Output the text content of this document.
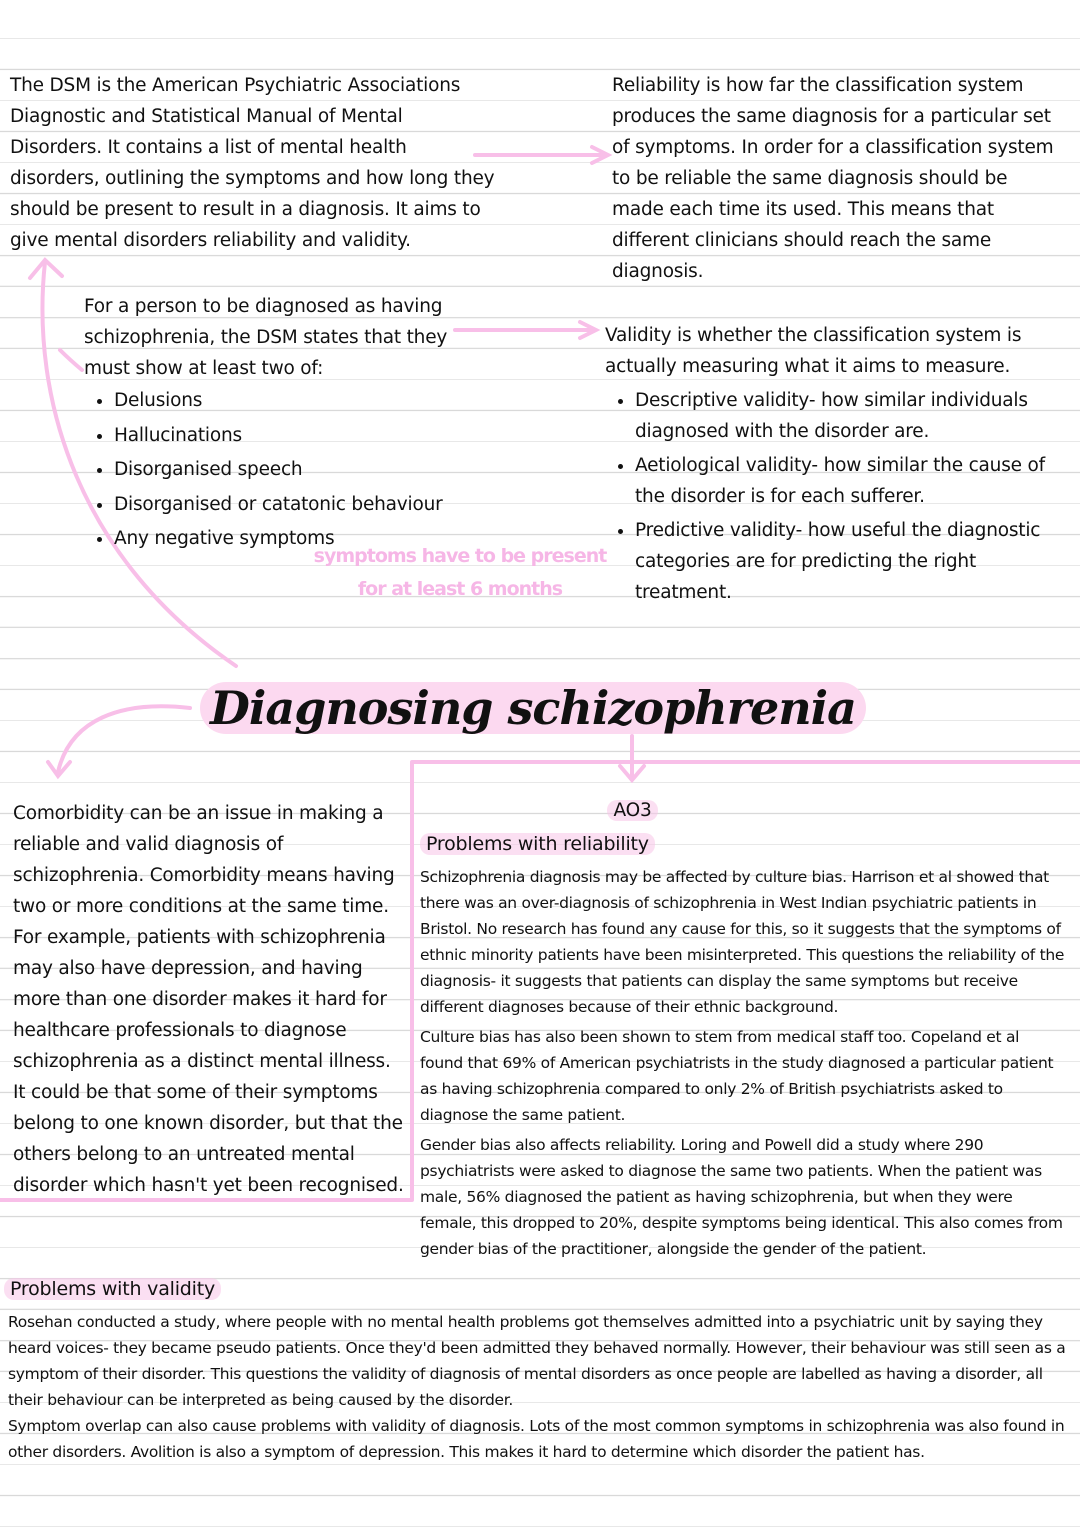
The DSM is the American Psychiatric Associations Diagnostic and Statistical Manual of Mental Disorders. It contains a list of mental health disorders, outlining the symptoms and how long they should be present to result in a diagnosis. It aims to give mental disorders reliability and validity.
Reliability is how far the classification system produces the same diagnosis for a particular set of symptoms. In order for a classification system to be reliable the same diagnosis should be made each time its used. This means that different clinicians should reach the same diagnosis.
For a person to be diagnosed as having schizophrenia, the DSM states that they must show at least two of:
• Delusions
• Hallucinations
• Disorganised speech
• Disorganised or catatonic behaviour
• Any negative symptoms
symptoms have to be present for at least 6 months
Validity is whether the classification system is actually measuring what it aims to measure.
• Descriptive validity- how similar individuals diagnosed with the disorder are.
• Aetiological validity- how similar the cause of the disorder is for each sufferer.
• Predictive validity- how useful the diagnostic categories are for predicting the right treatment.
Diagnosing schizophrenia
Comorbidity can be an issue in making a reliable and valid diagnosis of schizophrenia. Comorbidity means having two or more conditions at the same time. For example, patients with schizophrenia may also have depression, and having more than one disorder makes it hard for healthcare professionals to diagnose schizophrenia as a distinct mental illness. It could be that some of their symptoms belong to one known disorder, but that the others belong to an untreated mental disorder which hasn't yet been recognised.
AO3
Problems with reliability
Schizophrenia diagnosis may be affected by culture bias. Harrison et al showed that there was an over-diagnosis of schizophrenia in West Indian psychiatric patients in Bristol. No research has found any cause for this, so it suggests that the symptoms of ethnic minority patients have been misinterpreted. This questions the reliability of the diagnosis- it suggests that patients can display the same symptoms but receive different diagnoses because of their ethnic background.
Culture bias has also been shown to stem from medical staff too. Copeland et al found that 69% of American psychiatrists in the study diagnosed a particular patient as having schizophrenia compared to only 2% of British psychiatrists asked to diagnose the same patient.
Gender bias also affects reliability. Loring and Powell did a study where 290 psychiatrists were asked to diagnose the same two patients. When the patient was male, 56% diagnosed the patient as having schizophrenia, but when they were female, this dropped to 20%, despite symptoms being identical. This also comes from gender bias of the practitioner, alongside the gender of the patient.
Problems with validity
Rosehan conducted a study, where people with no mental health problems got themselves admitted into a psychiatric unit by saying they heard voices- they became pseudo patients. Once they'd been admitted they behaved normally. However, their behaviour was still seen as a symptom of their disorder. This questions the validity of diagnosis of mental disorders as once people are labelled as having a disorder, all their behaviour can be interpreted as being caused by the disorder.
Symptom overlap can also cause problems with validity of diagnosis. Lots of the most common symptoms in schizophrenia was also found in other disorders. Avolition is also a symptom of depression. This makes it hard to determine which disorder the patient has.
